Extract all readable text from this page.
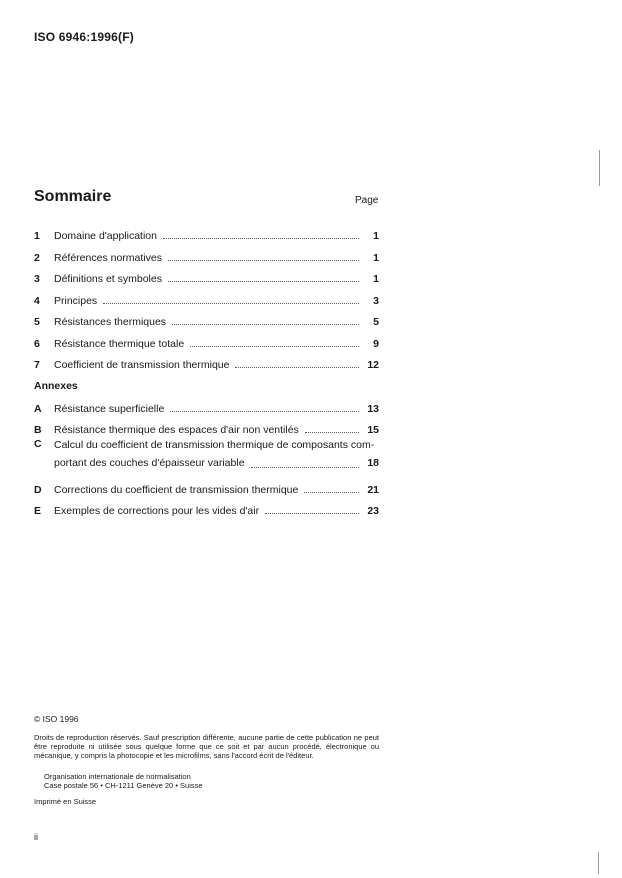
ISO 6946:1996(F)
Sommaire	Page
1	Domaine d'application	1
2	Références normatives	1
3	Définitions et symboles	1
4	Principes	3
5	Résistances thermiques	5
6	Résistance thermique totale	9
7	Coefficient de transmission thermique	12
Annexes
A	Résistance superficielle	13
B	Résistance thermique des espaces d'air non ventilés	15
C	Calcul du coefficient de transmission thermique de composants com-
portant des couches d'épaisseur variable	18
D	Corrections du coefficient de transmission thermique	21
E	Exemples de corrections pour les vides d'air	23
© ISO 1996
Droits de reproduction réservés. Sauf prescription différente, aucune partie de cette publication ne peut être reproduite ni utilisée sous quelque forme que ce soit et par aucun procédé, électronique ou mécanique, y compris la photocopie et les microfilms, sans l'accord écrit de l'éditeur.
Organisation internationale de normalisation
Case postale 56 • CH-1211 Genève 20 • Suisse
Imprimé en Suisse
ii
